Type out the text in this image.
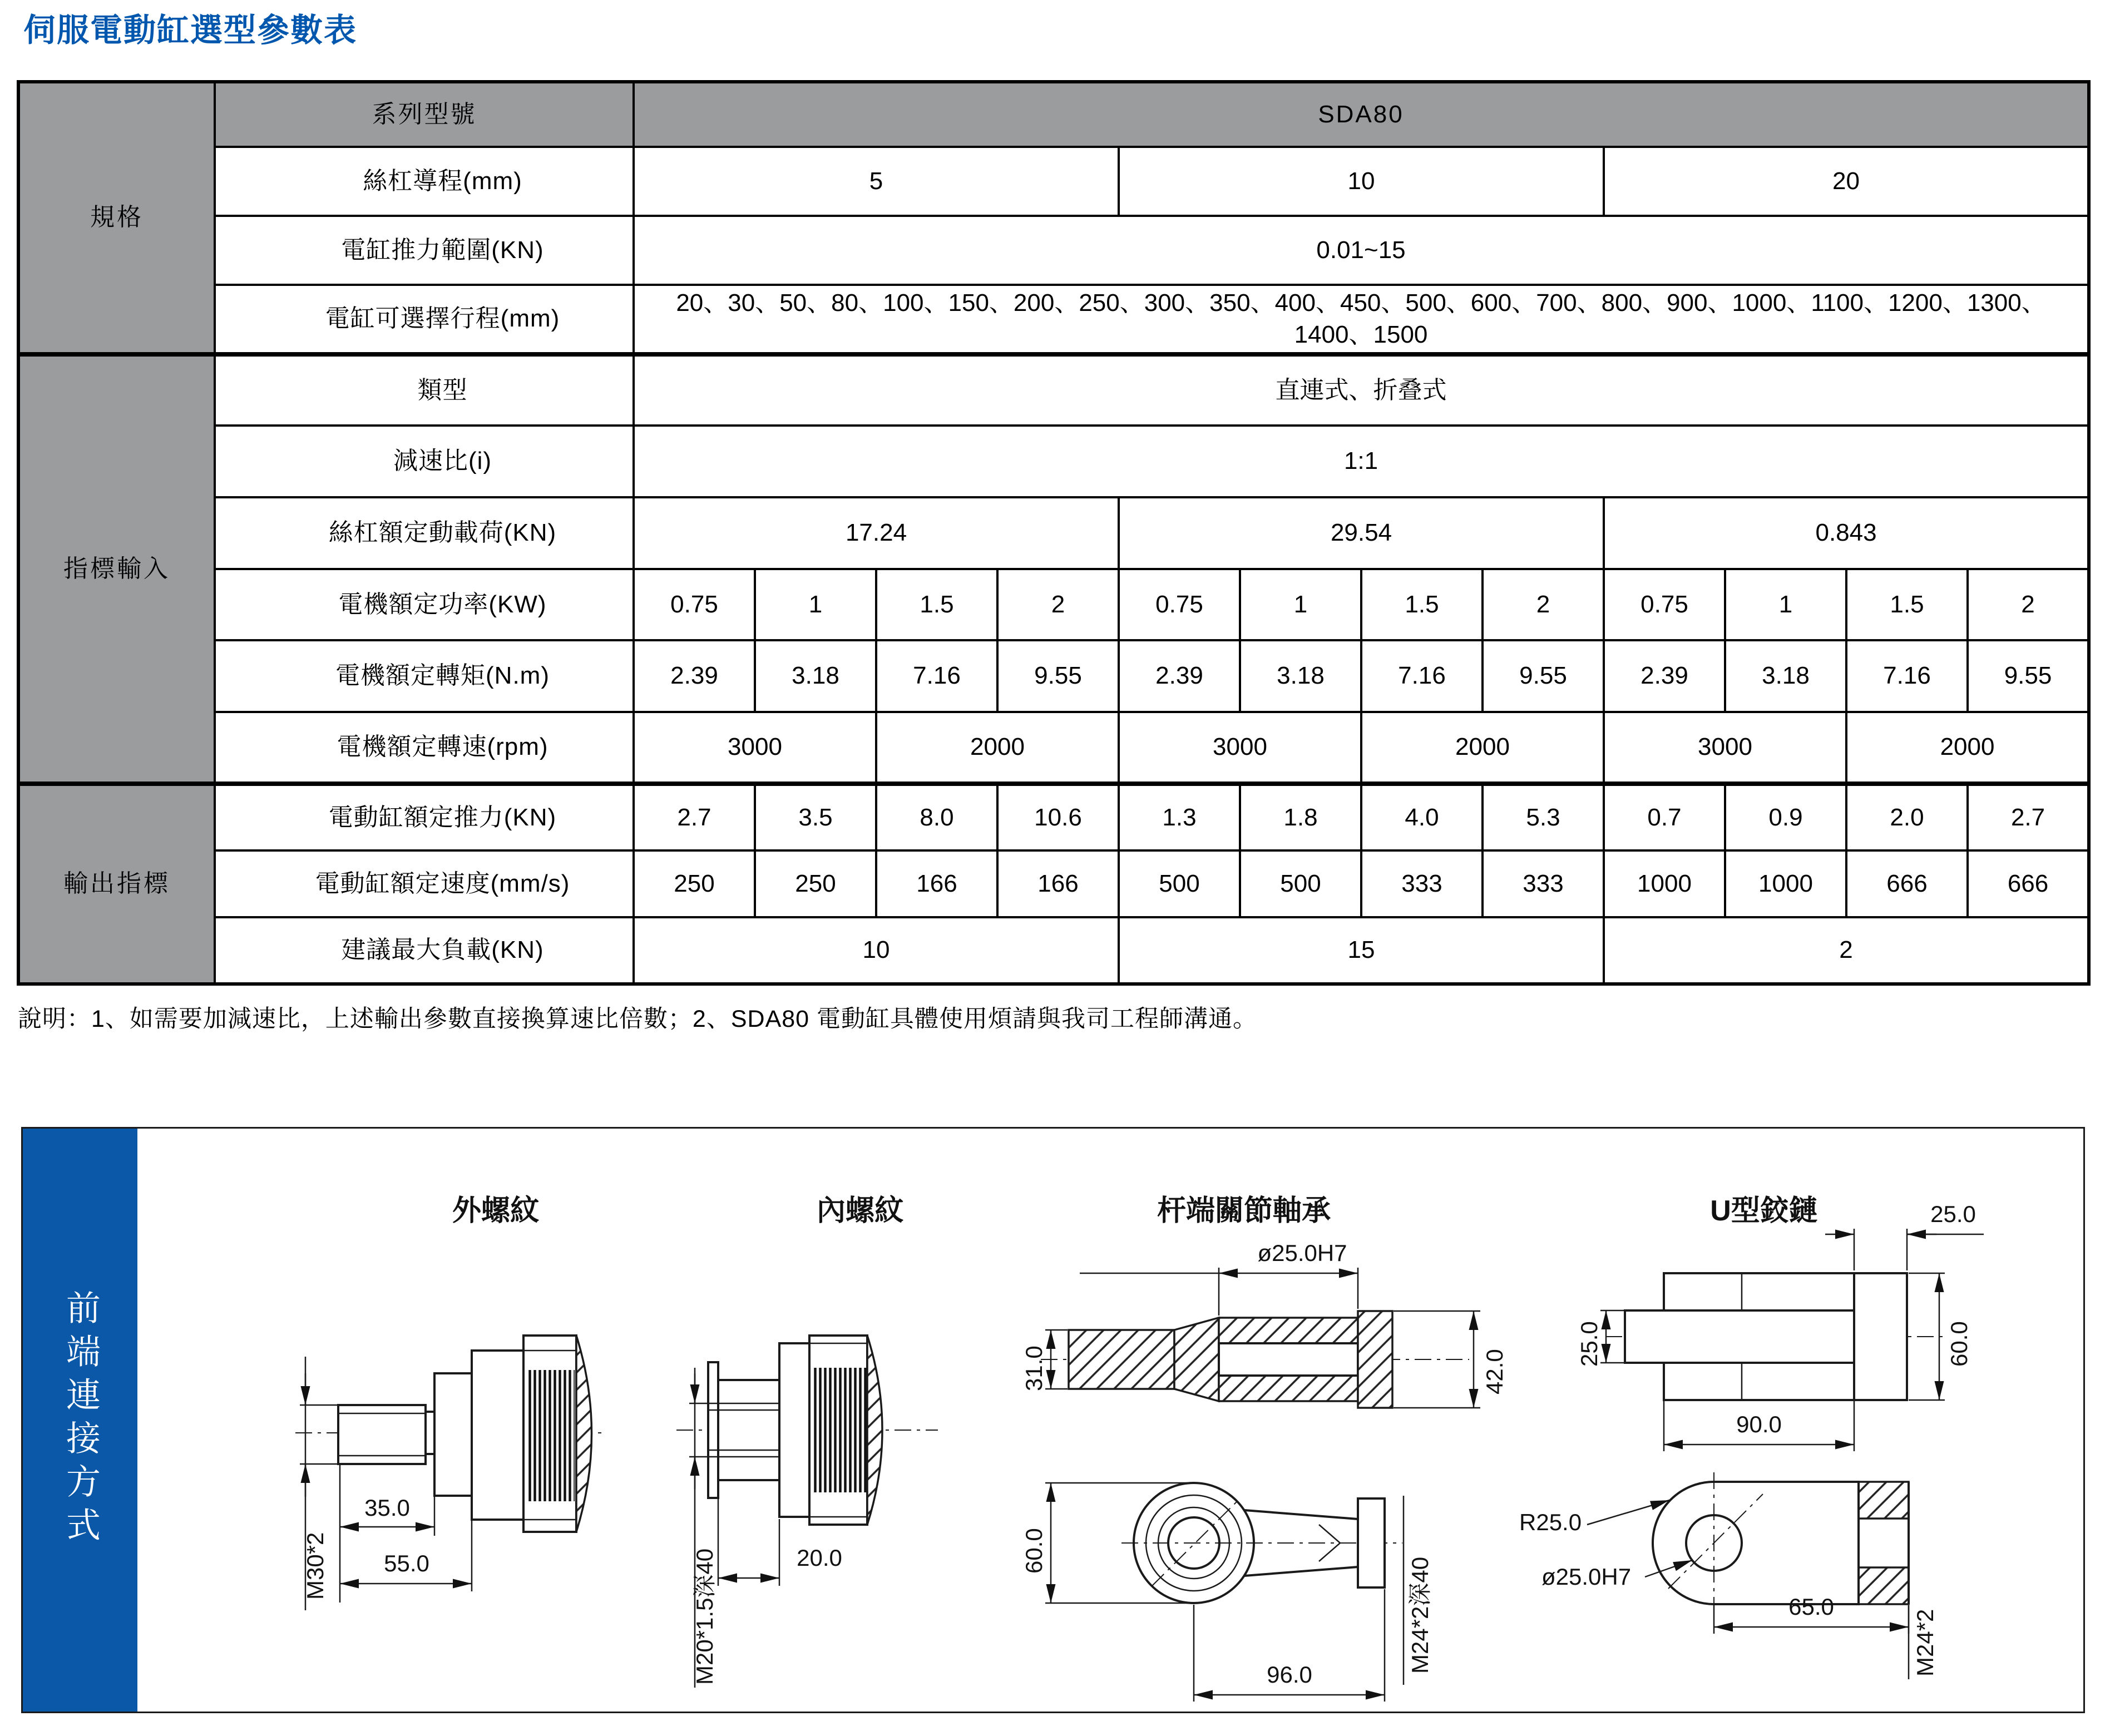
伺服電動缸選型參數表
規格	系列型號	SDA80											
	絲杠導程(mm)	5				10				20			
	電缸推力範圍(KN)	0.01~15											
	電缸可選擇行程(mm)	20、30、50、80、100、150、200、250、300、350、400、450、500、600、700、800、900、1000、1100、1200、1300、1400、1500											
指標輸入	類型	直連式、折叠式											
	減速比(i)	1:1											
	絲杠額定動載荷(KN)	17.24				29.54				0.843			
	電機額定功率(KW)	0.75	1	1.5	2	0.75	1	1.5	2	0.75	1	1.5	2
	電機額定轉矩(N.m)	2.39	3.18	7.16	9.55	2.39	3.18	7.16	9.55	2.39	3.18	7.16	9.55
	電機額定轉速(rpm)	3000		2000		3000		2000		3000		2000	
輸出指標	電動缸額定推力(KN)	2.7	3.5	8.0	10.6	1.3	1.8	4.0	5.3	0.7	0.9	2.0	2.7
	電動缸額定速度(mm/s)	250	250	166	166	500	500	333	333	1000	1000	666	666
	建議最大負載(KN)	10				15				2			
說明：1、如需要加減速比，上述輸出參數直接換算速比倍數；2、SDA80 電動缸具體使用煩請與我司工程師溝通。
前端連接方式
外螺紋
M30*2
35.0
55.0
內螺紋
M20*1.5深40	20.0
杆端關節軸承
ø25.0H7
31.0	42.0
60.0
96.0
M24*2深40
U型鉸鏈	25.0
60.0
25.0
90.0
R25.0
ø25.0H7
65.0
M24*2
